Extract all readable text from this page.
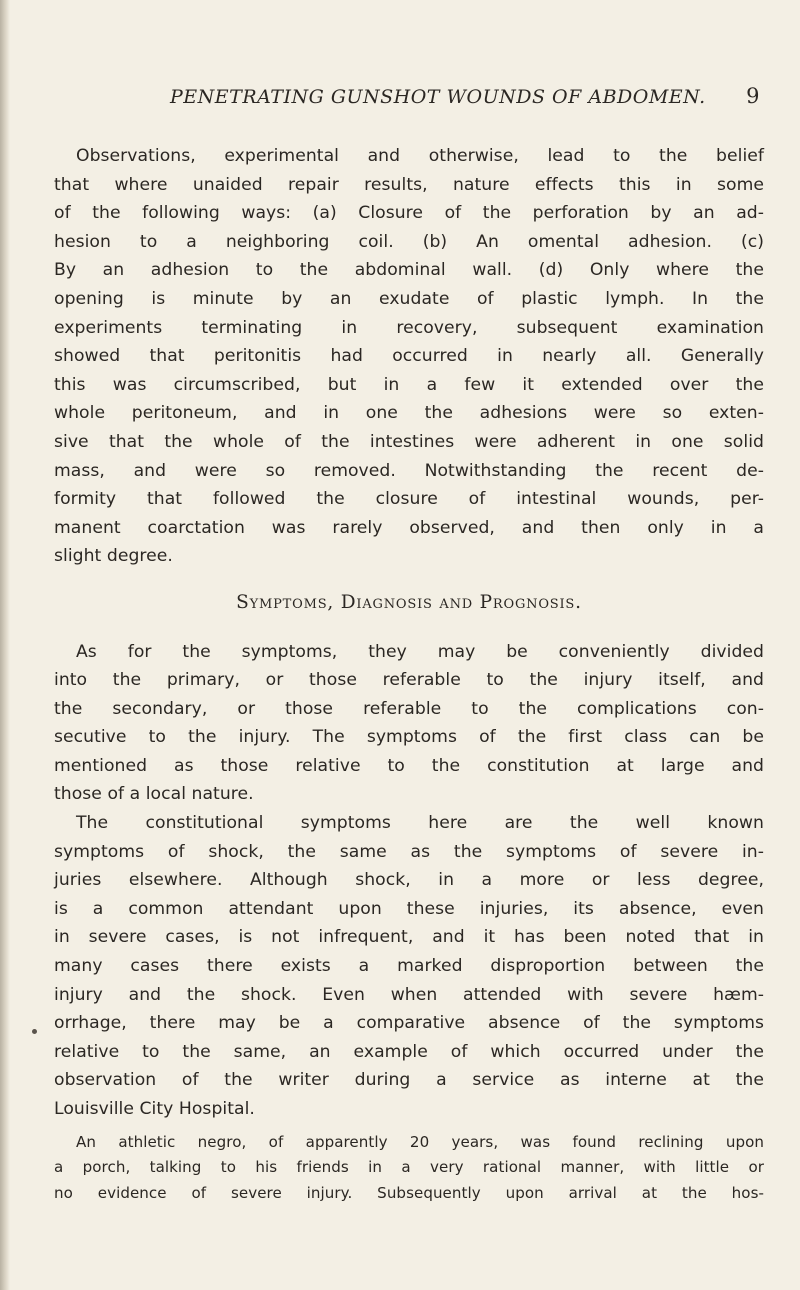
PENETRATING GUNSHOT WOUNDS OF ABDOMEN. 9
Observations, experimental and otherwise, lead to the belief
that where unaided repair results, nature effects this in some
of the following ways: (a) Closure of the perforation by an ad-
hesion to a neighboring coil. (b) An omental adhesion. (c)
By an adhesion to the abdominal wall. (d) Only where the
opening is minute by an exudate of plastic lymph. In the
experiments terminating in recovery, subsequent examination
showed that peritonitis had occurred in nearly all. Generally
this was circumscribed, but in a few it extended over the
whole peritoneum, and in one the adhesions were so exten-
sive that the whole of the intestines were adherent in one solid
mass, and were so removed. Notwithstanding the recent de-
formity that followed the closure of intestinal wounds, per-
manent coarctation was rarely observed, and then only in a
slight degree.
Symptoms, Diagnosis and Prognosis.
As for the symptoms, they may be conveniently divided
into the primary, or those referable to the injury itself, and
the secondary, or those referable to the complications con-
secutive to the injury. The symptoms of the first class can be
mentioned as those relative to the constitution at large and
those of a local nature.
The constitutional symptoms here are the well known
symptoms of shock, the same as the symptoms of severe in-
juries elsewhere. Although shock, in a more or less degree,
is a common attendant upon these injuries, its absence, even
in severe cases, is not infrequent, and it has been noted that in
many cases there exists a marked disproportion between the
injury and the shock. Even when attended with severe hæm-
orrhage, there may be a comparative absence of the symptoms
relative to the same, an example of which occurred under the
observation of the writer during a service as interne at the
Louisville City Hospital.
An athletic negro, of apparently 20 years, was found reclining upon
a porch, talking to his friends in a very rational manner, with little or
no evidence of severe injury. Subsequently upon arrival at the hos-
